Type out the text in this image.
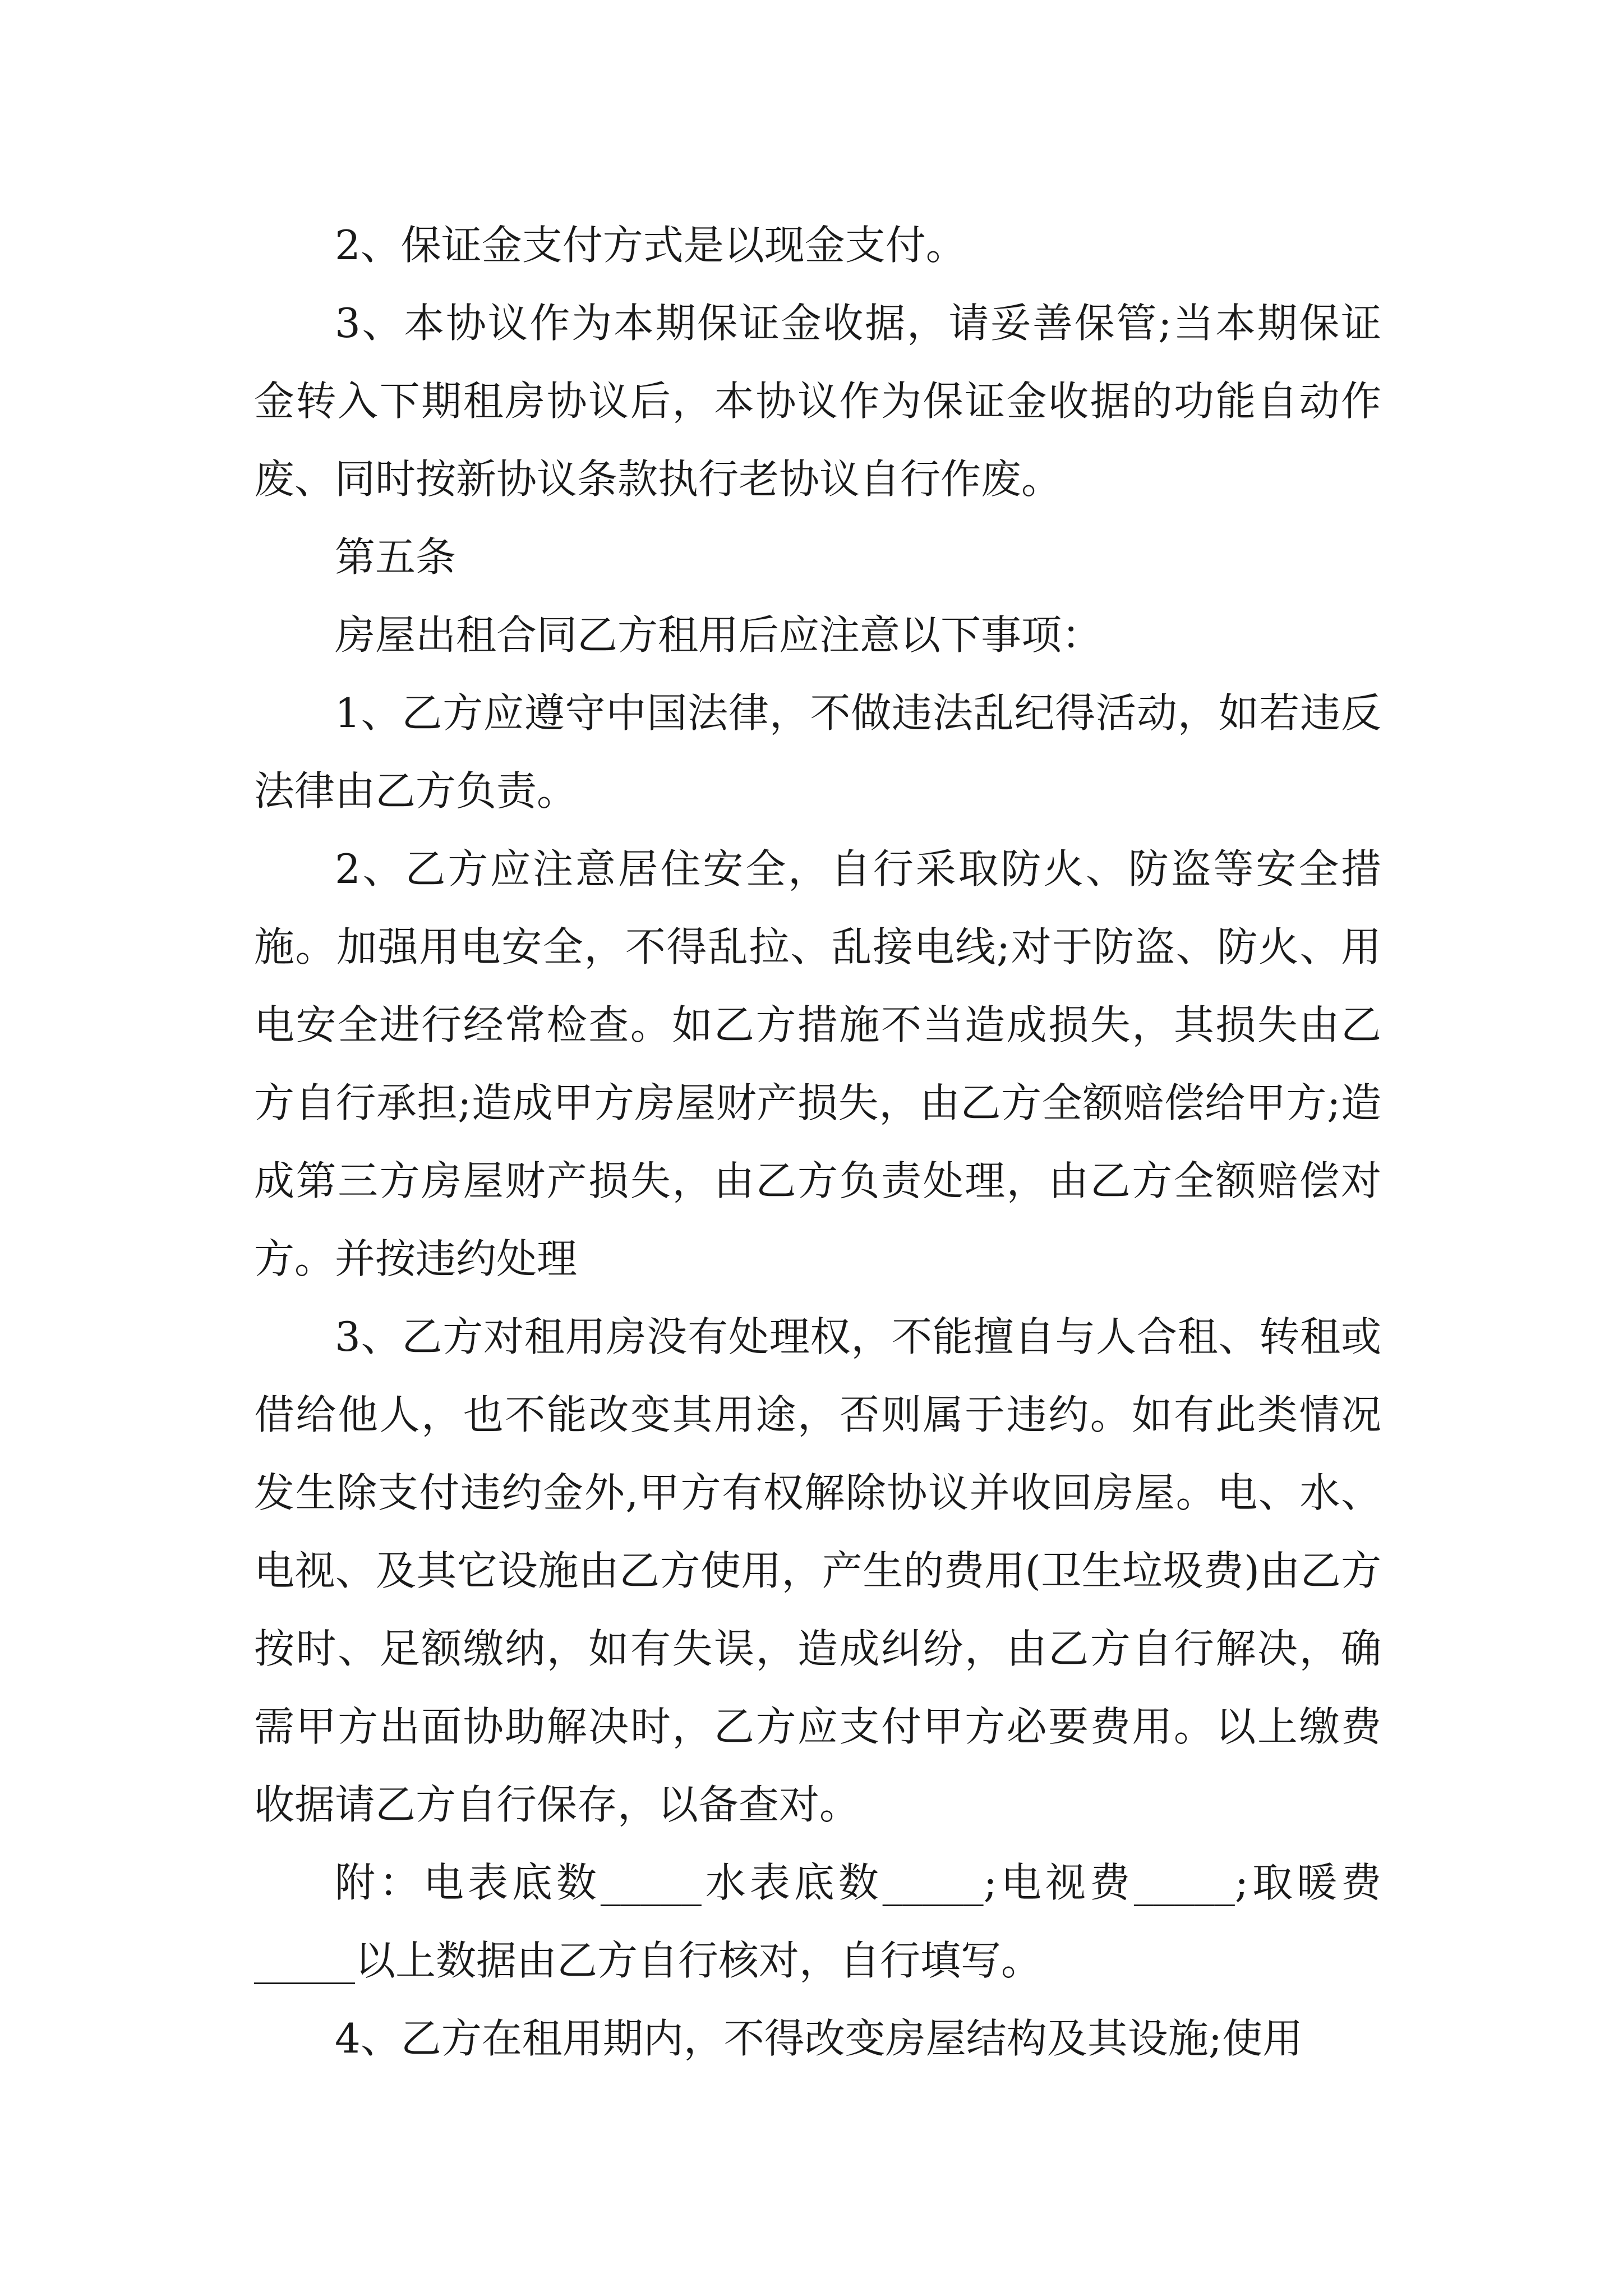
2、保证金支付方式是以现金支付。

3、本协议作为本期保证金收据，请妥善保管;当本期保证金转入下期租房协议后，本协议作为保证金收据的功能自动作废、同时按新协议条款执行老协议自行作废。

第五条

房屋出租合同乙方租用后应注意以下事项：

1、乙方应遵守中国法律，不做违法乱纪得活动，如若违反法律由乙方负责。

2、乙方应注意居住安全，自行采取防火、防盗等安全措施。加强用电安全，不得乱拉、乱接电线;对于防盗、防火、用电安全进行经常检查。如乙方措施不当造成损失，其损失由乙方自行承担;造成甲方房屋财产损失，由乙方全额赔偿给甲方;造成第三方房屋财产损失，由乙方负责处理，由乙方全额赔偿对方。并按违约处理

3、乙方对租用房没有处理权，不能擅自与人合租、转租或借给他人，也不能改变其用途，否则属于违约。如有此类情况发生除支付违约金外,甲方有权解除协议并收回房屋。电、水、电视、及其它设施由乙方使用，产生的费用(卫生垃圾费)由乙方按时、足额缴纳，如有失误，造成纠纷，由乙方自行解决，确需甲方出面协助解决时，乙方应支付甲方必要费用。以上缴费收据请乙方自行保存，以备查对。

附：电表底数_____水表底数_____;电视费_____;取暖费_____以上数据由乙方自行核对，自行填写。

4、乙方在租用期内，不得改变房屋结构及其设施;使用
